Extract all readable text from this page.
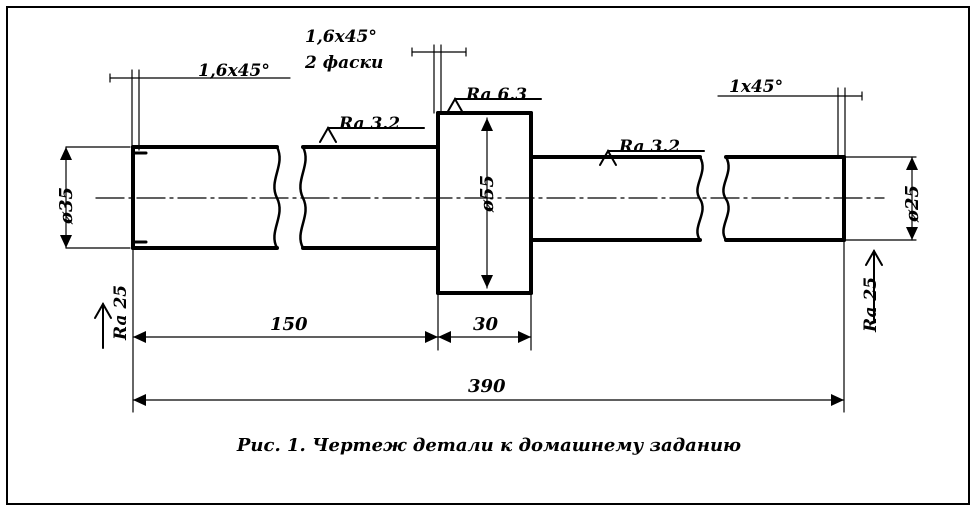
1,6x45°
1,6x45°
2 фаски
1x45°
Ra 6.3
Ra 3.2
Ra 3.2
Ra 25	Ra 25
ø35	ø55	ø25
150	30
390
Рис. 1. Чертеж детали к домашнему заданию
